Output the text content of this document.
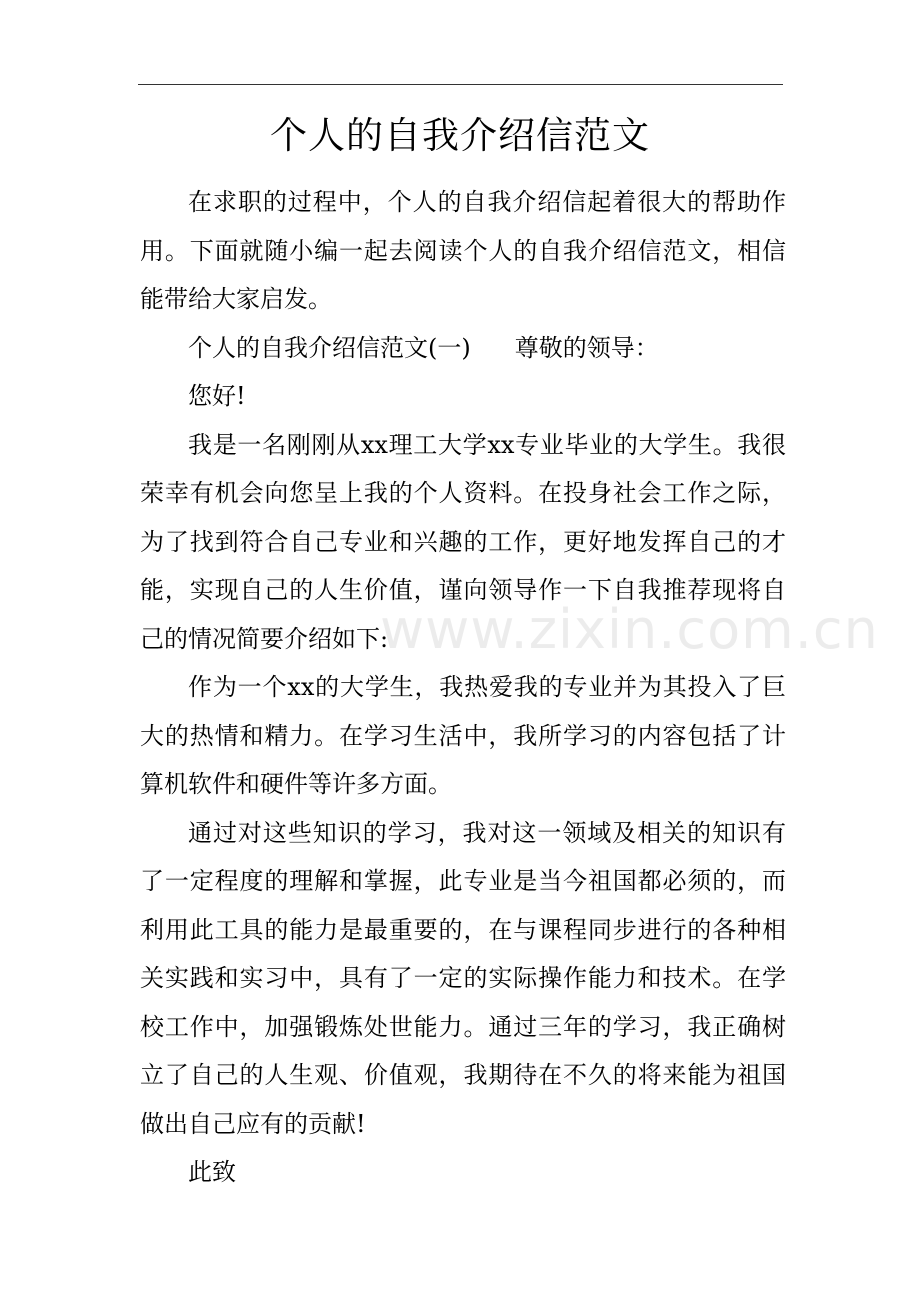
个人的自我介绍信范文

在求职的过程中，个人的自我介绍信起着很大的帮助作用。下面就随小编一起去阅读个人的自我介绍信范文，相信能带给大家启发。

个人的自我介绍信范文(一) 尊敬的领导：

您好!

我是一名刚刚从xx理工大学xx专业毕业的大学生。我很荣幸有机会向您呈上我的个人资料。在投身社会工作之际，为了找到符合自己专业和兴趣的工作，更好地发挥自己的才能，实现自己的人生价值，谨向领导作一下自我推荐现将自己的情况简要介绍如下:

作为一个xx的大学生，我热爱我的专业并为其投入了巨大的热情和精力。在学习生活中，我所学习的内容包括了计算机软件和硬件等许多方面。

通过对这些知识的学习，我对这一领域及相关的知识有了一定程度的理解和掌握，此专业是当今祖国都必须的，而利用此工具的能力是最重要的，在与课程同步进行的各种相关实践和实习中，具有了一定的实际操作能力和技术。在学校工作中，加强锻炼处世能力。通过三年的学习，我正确树立了自己的人生观、价值观，我期待在不久的将来能为祖国做出自己应有的贡献!

此致

www.zixin.com.cn
